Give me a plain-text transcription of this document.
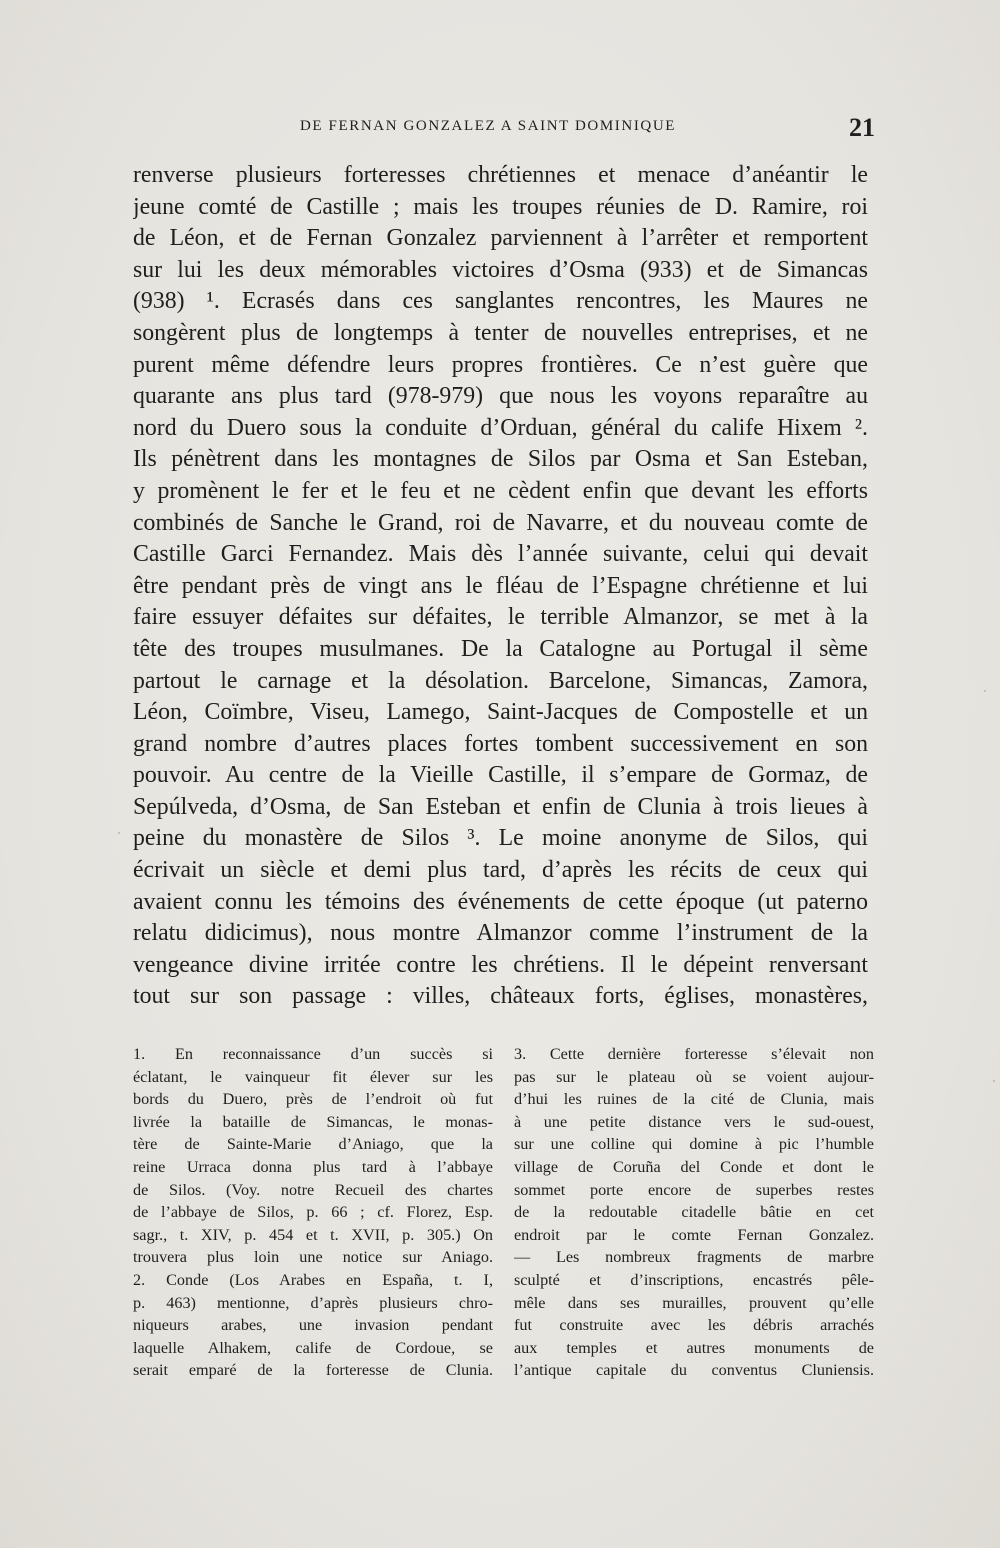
DE FERNAN GONZALEZ A SAINT DOMINIQUE	21
renverse plusieurs forteresses chrétiennes et menace d’anéantir le
jeune comté de Castille ; mais les troupes réunies de D. Ramire, roi
de Léon, et de Fernan Gonzalez parviennent à l’arrêter et remportent
sur lui les deux mémorables victoires d’Osma (933) et de Simancas
(938) ¹. Ecrasés dans ces sanglantes rencontres, les Maures ne
songèrent plus de longtemps à tenter de nouvelles entreprises, et ne
purent même défendre leurs propres frontières. Ce n’est guère que
quarante ans plus tard (978-979) que nous les voyons reparaître au
nord du Duero sous la conduite d’Orduan, général du calife Hixem ².
Ils pénètrent dans les montagnes de Silos par Osma et San Esteban,
y promènent le fer et le feu et ne cèdent enfin que devant les efforts
combinés de Sanche le Grand, roi de Navarre, et du nouveau comte de
Castille Garci Fernandez. Mais dès l’année suivante, celui qui devait
être pendant près de vingt ans le fléau de l’Espagne chrétienne et lui
faire essuyer défaites sur défaites, le terrible Almanzor, se met à la
tête des troupes musulmanes. De la Catalogne au Portugal il sème
partout le carnage et la désolation. Barcelone, Simancas, Zamora,
Léon, Coïmbre, Viseu, Lamego, Saint-Jacques de Compostelle et un
grand nombre d’autres places fortes tombent successivement en son
pouvoir. Au centre de la Vieille Castille, il s’empare de Gormaz, de
Sepúlveda, d’Osma, de San Esteban et enfin de Clunia à trois lieues à
peine du monastère de Silos ³. Le moine anonyme de Silos, qui
écrivait un siècle et demi plus tard, d’après les récits de ceux qui
avaient connu les témoins des événements de cette époque (ut paterno
relatu didicimus), nous montre Almanzor comme l’instrument de la
vengeance divine irritée contre les chrétiens. Il le dépeint renversant
tout sur son passage : villes, châteaux forts, églises, monastères,
1. En reconnaissance d’un succès si
éclatant, le vainqueur fit élever sur les
bords du Duero, près de l’endroit où fut
livrée la bataille de Simancas, le monas-
tère de Sainte-Marie d’Aniago, que la
reine Urraca donna plus tard à l’abbaye
de Silos. (Voy. notre Recueil des chartes
de l’abbaye de Silos, p. 66 ; cf. Florez, Esp.
sagr., t. XIV, p. 454 et t. XVII, p. 305.) On
trouvera plus loin une notice sur Aniago.
2. Conde (Los Arabes en España, t. I,
p. 463) mentionne, d’après plusieurs chro-
niqueurs arabes, une invasion pendant
laquelle Alhakem, calife de Cordoue, se
serait emparé de la forteresse de Clunia.
3. Cette dernière forteresse s’élevait non
pas sur le plateau où se voient aujour-
d’hui les ruines de la cité de Clunia, mais
à une petite distance vers le sud-ouest,
sur une colline qui domine à pic l’humble
village de Coruña del Conde et dont le
sommet porte encore de superbes restes
de la redoutable citadelle bâtie en cet
endroit par le comte Fernan Gonzalez.
— Les nombreux fragments de marbre
sculpté et d’inscriptions, encastrés pêle-
mêle dans ses murailles, prouvent qu’elle
fut construite avec les débris arrachés
aux temples et autres monuments de
l’antique capitale du conventus Cluniensis.
